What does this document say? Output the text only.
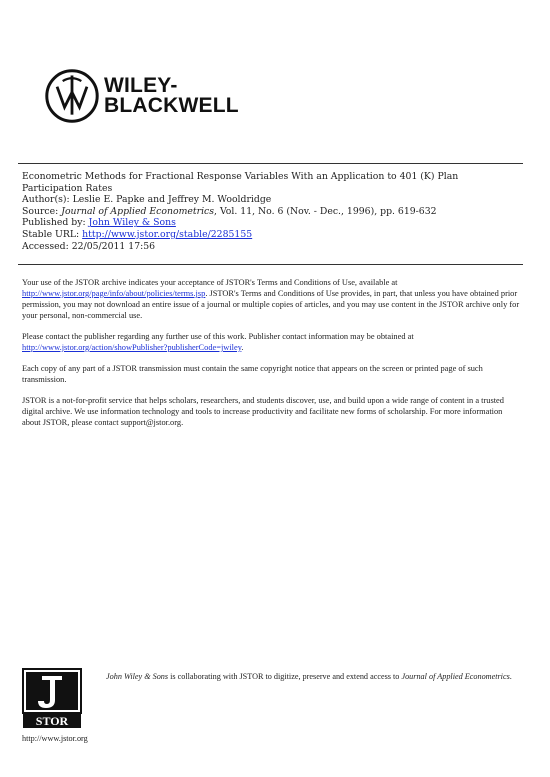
WILEY-
BLACKWELL
Econometric Methods for Fractional Response Variables With an Application to 401 (K) Plan
Participation Rates
Author(s): Leslie E. Papke and Jeffrey M. Wooldridge
Source: Journal of Applied Econometrics, Vol. 11, No. 6 (Nov. - Dec., 1996), pp. 619-632
Published by: John Wiley & Sons
Stable URL: http://www.jstor.org/stable/2285155
Accessed: 22/05/2011 17:56

Your use of the JSTOR archive indicates your acceptance of JSTOR's Terms and Conditions of Use, available at
http://www.jstor.org/page/info/about/policies/terms.jsp. JSTOR's Terms and Conditions of Use provides, in part, that unless you have obtained prior permission, you may not download an entire issue of a journal or multiple copies of articles, and you may use content in the JSTOR archive only for your personal, non-commercial use.

Please contact the publisher regarding any further use of this work. Publisher contact information may be obtained at
http://www.jstor.org/action/showPublisher?publisherCode=jwiley.

Each copy of any part of a JSTOR transmission must contain the same copyright notice that appears on the screen or printed page of such transmission.

JSTOR is a not-for-profit service that helps scholars, researchers, and students discover, use, and build upon a wide range of content in a trusted digital archive. We use information technology and tools to increase productivity and facilitate new forms of scholarship. For more information about JSTOR, please contact support@jstor.org.

STOR
John Wiley & Sons is collaborating with JSTOR to digitize, preserve and extend access to Journal of Applied Econometrics.
http://www.jstor.org
